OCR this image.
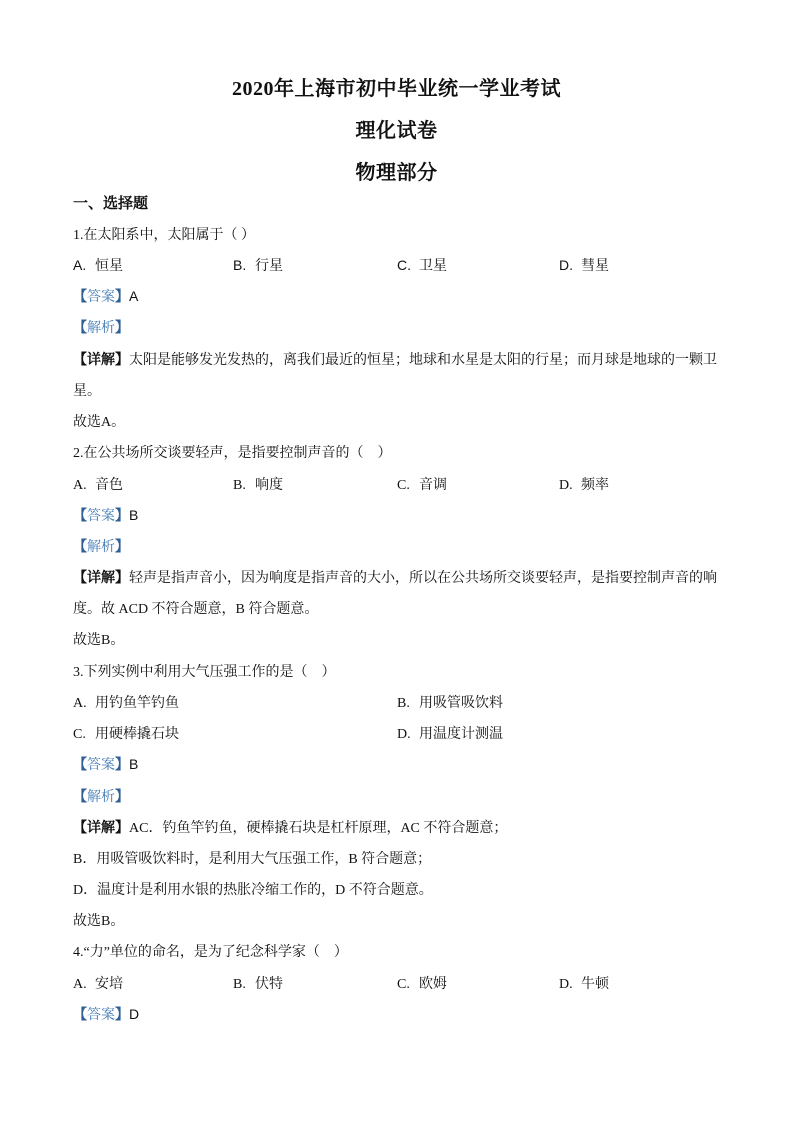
2020年上海市初中毕业统一学业考试
理化试卷
物理部分
一、选择题
1.在太阳系中，太阳属于（ ）
A. 恒星	B. 行星	C. 卫星	D. 彗星
【答案】A
【解析】
【详解】太阳是能够发光发热的，离我们最近的恒星；地球和水星是太阳的行星；而月球是地球的一颗卫
星。
故选A。
2.在公共场所交谈要轻声，是指要控制声音的（　）
A. 音色	B. 响度	C. 音调	D. 频率
【答案】B
【解析】
【详解】轻声是指声音小，因为响度是指声音的大小，所以在公共场所交谈要轻声，是指要控制声音的响
度。故 ACD 不符合题意，B 符合题意。
故选B。
3.下列实例中利用大气压强工作的是（　）
A. 用钓鱼竿钓鱼	B. 用吸管吸饮料
C. 用硬棒撬石块	D. 用温度计测温
【答案】B
【解析】
【详解】AC．钓鱼竿钓鱼，硬棒撬石块是杠杆原理，AC 不符合题意；
B．用吸管吸饮料时，是利用大气压强工作，B 符合题意；
D．温度计是利用水银的热胀冷缩工作的，D 不符合题意。
故选B。
4.“力”单位的命名，是为了纪念科学家（　）
A. 安培	B. 伏特	C. 欧姆	D. 牛顿
【答案】D
